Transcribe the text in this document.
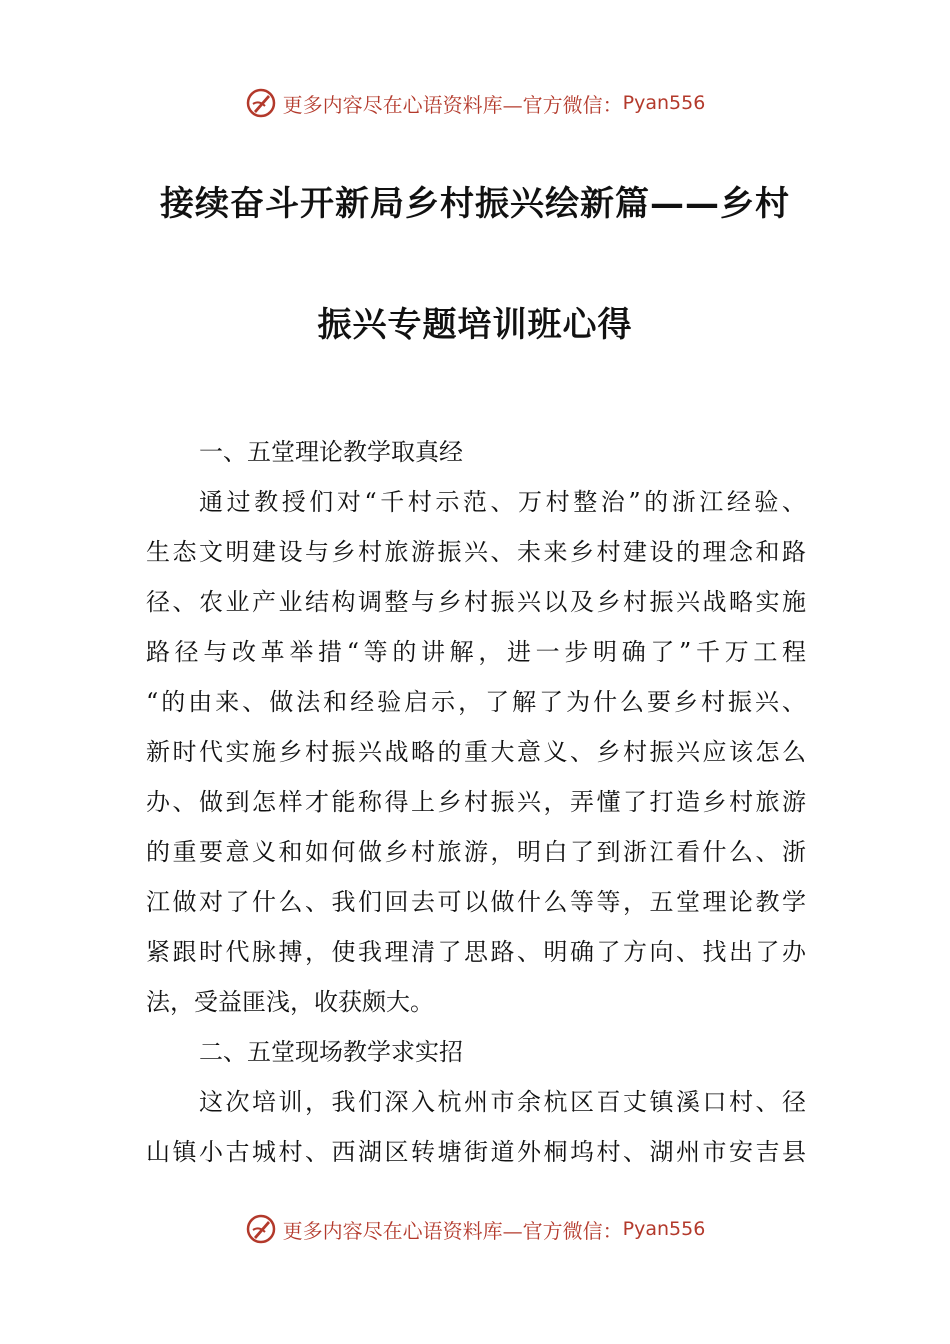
更多内容尽在心语资料库—官方微信： Pyan556
接续奋斗开新局乡村振兴绘新篇——乡村
振兴专题培训班心得
一、五堂理论教学取真经
通过教授们对“千村示范、万村整治”的浙江经验、
生态文明建设与乡村旅游振兴、未来乡村建设的理念和路
径、农业产业结构调整与乡村振兴以及乡村振兴战略实施
路径与改革举措“等的讲解，进一步明确了”千万工程
“的由来、做法和经验启示，了解了为什么要乡村振兴、
新时代实施乡村振兴战略的重大意义、乡村振兴应该怎么
办、做到怎样才能称得上乡村振兴，弄懂了打造乡村旅游
的重要意义和如何做乡村旅游，明白了到浙江看什么、浙
江做对了什么、我们回去可以做什么等等，五堂理论教学
紧跟时代脉搏，使我理清了思路、明确了方向、找出了办
法，受益匪浅，收获颇大。
二、五堂现场教学求实招
这次培训，我们深入杭州市余杭区百丈镇溪口村、径
山镇小古城村、西湖区转塘街道外桐坞村、湖州市安吉县
更多内容尽在心语资料库—官方微信： Pyan556
